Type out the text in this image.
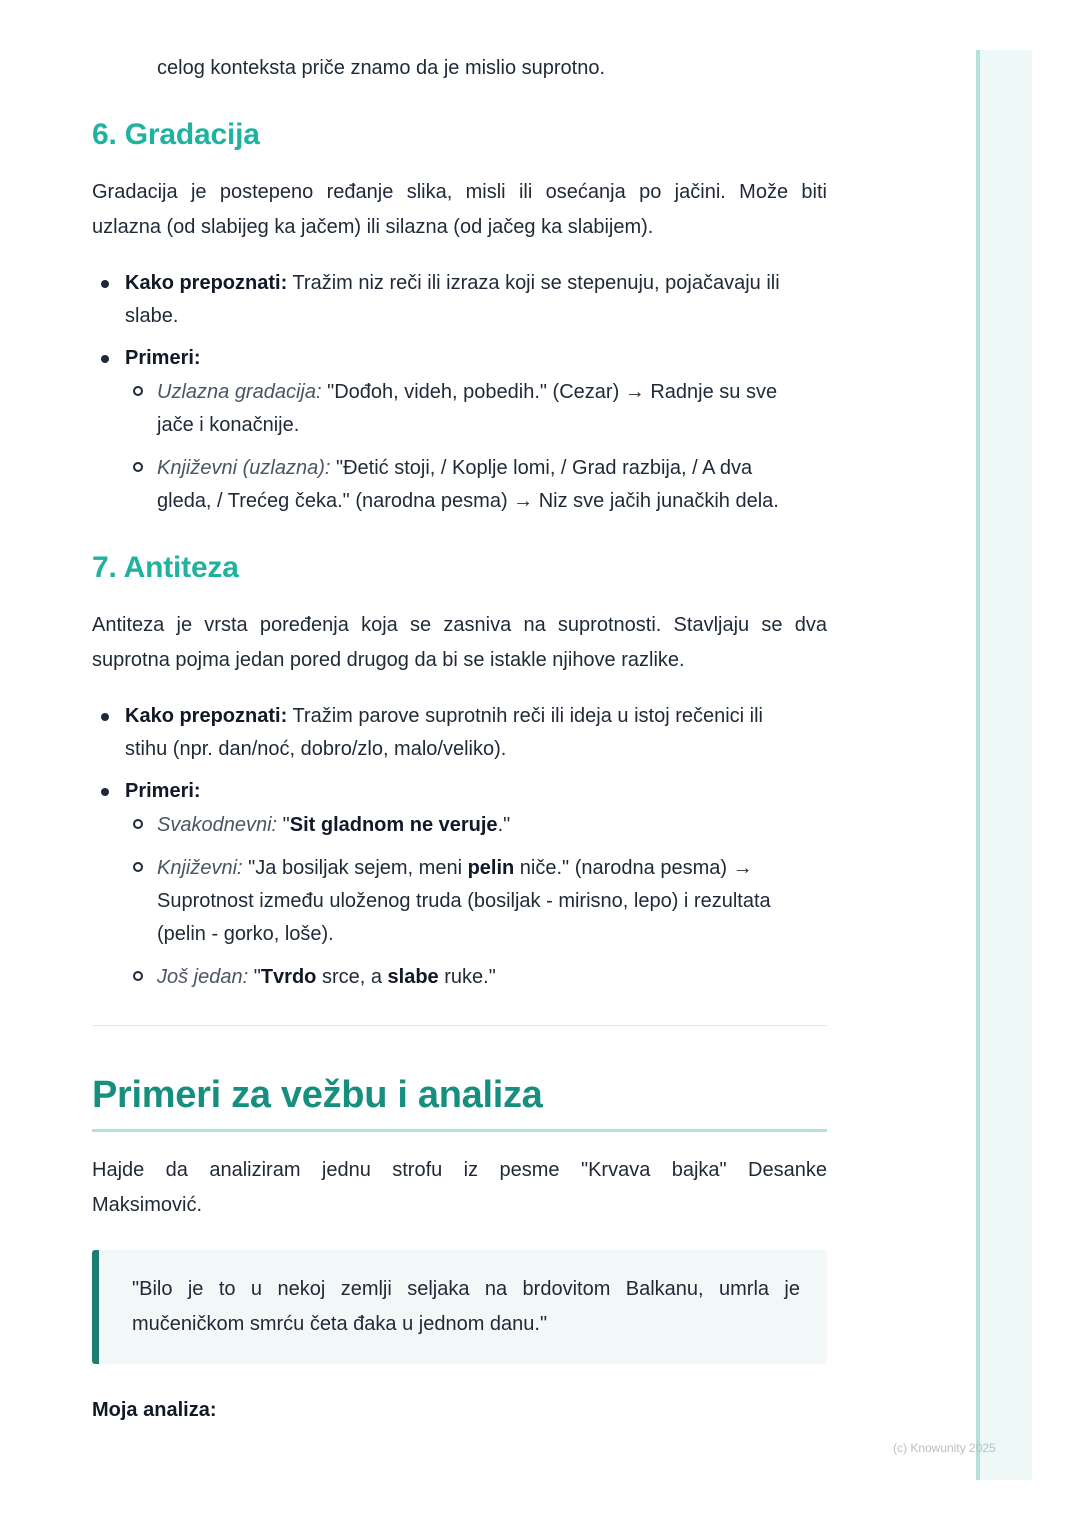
celog konteksta priče znamo da je mislio suprotno.
6. Gradacija
Gradacija je postepeno ređanje slika, misli ili osećanja po jačini. Može biti
uzlazna (od slabijeg ka jačem) ili silazna (od jačeg ka slabijem).
Kako prepoznati: Tražim niz reči ili izraza koji se stepenuju, pojačavaju ili
slabe.
Primeri:
Uzlazna gradacija: "Dođoh, videh, pobedih." (Cezar) → Radnje su sve
jače i konačnije.
Književni (uzlazna): "Đetić stoji, / Koplje lomi, / Grad razbija, / A dva
gleda, / Trećeg čeka." (narodna pesma) → Niz sve jačih junačkih dela.
7. Antiteza
Antiteza je vrsta poređenja koja se zasniva na suprotnosti. Stavljaju se dva
suprotna pojma jedan pored drugog da bi se istakle njihove razlike.
Kako prepoznati: Tražim parove suprotnih reči ili ideja u istoj rečenici ili
stihu (npr. dan/noć, dobro/zlo, malo/veliko).
Primeri:
Svakodnevni: "Sit gladnom ne veruje."
Književni: "Ja bosiljak sejem, meni pelin niče." (narodna pesma) →
Suprotnost između uloženog truda (bosiljak - mirisno, lepo) i rezultata
(pelin - gorko, loše).
Još jedan: "Tvrdo srce, a slabe ruke."
Primeri za vežbu i analiza
Hajde da analiziram jednu strofu iz pesme "Krvava bajka" Desanke
Maksimović.
"Bilo je to u nekoj zemlji seljaka na brdovitom Balkanu, umrla je
mučeničkom smrću četa đaka u jednom danu."
Moja analiza:
(c) Knowunity 2025
